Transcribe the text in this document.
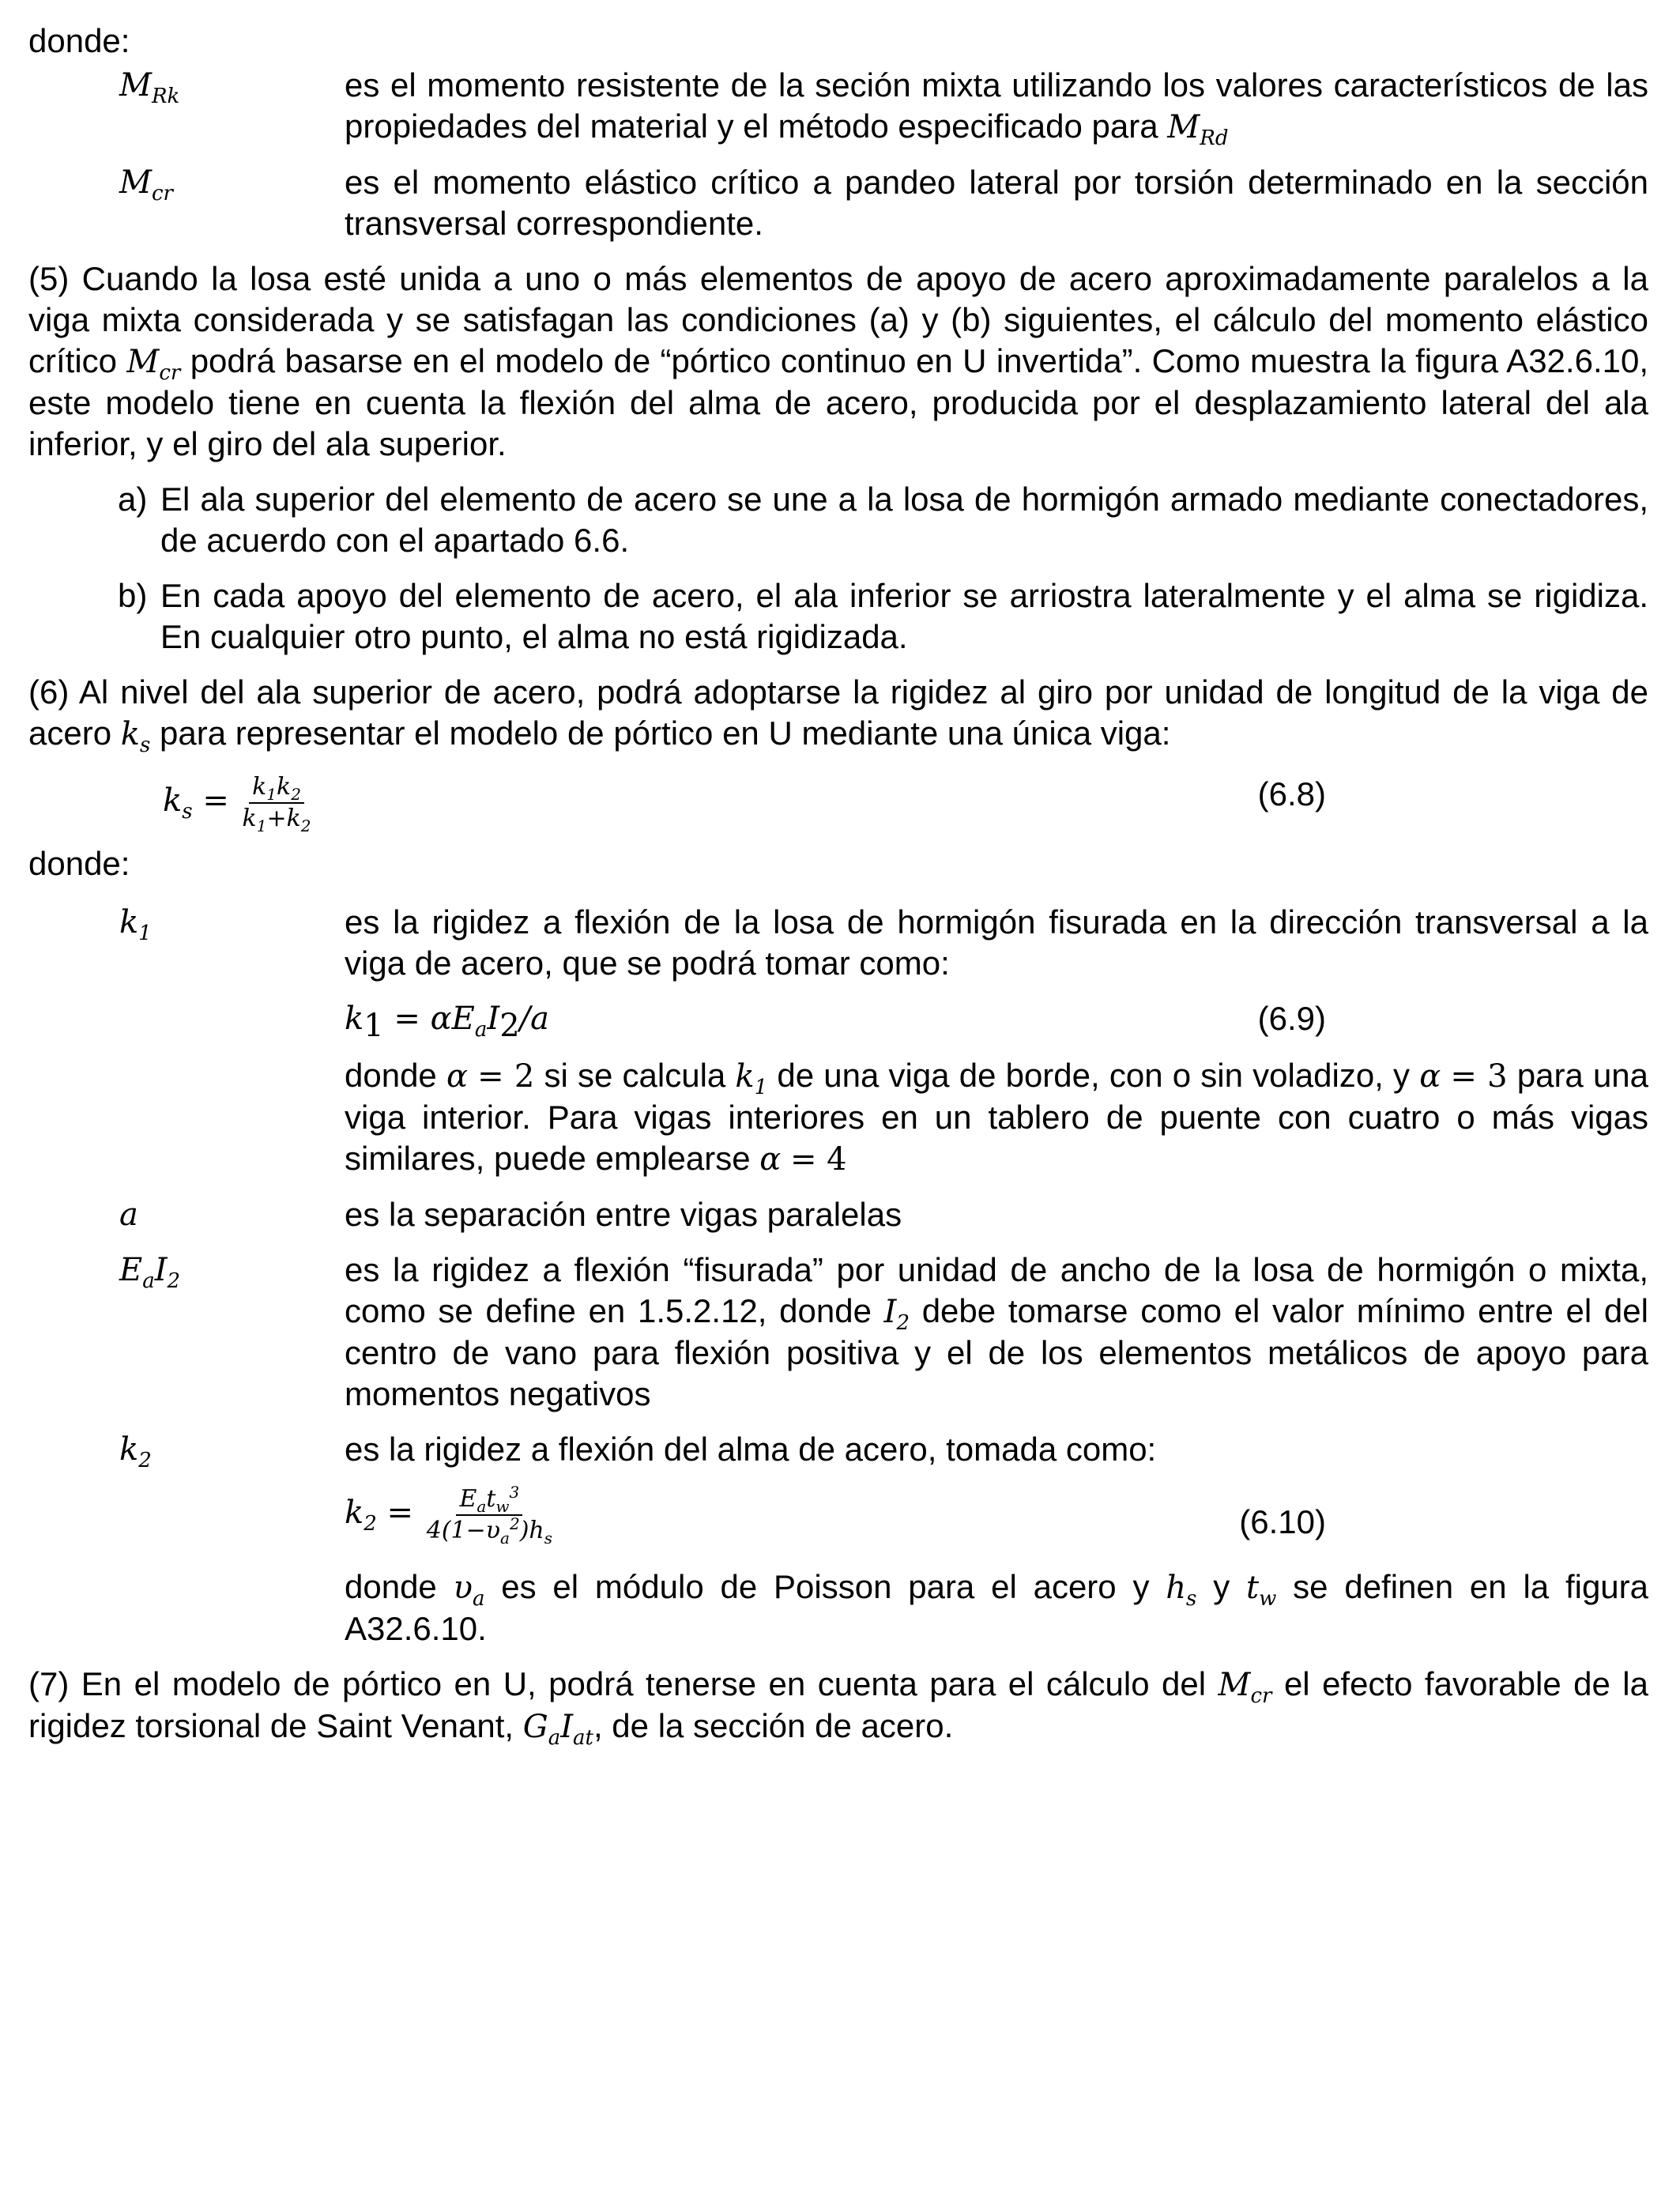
donde:
$M_{Rk}$	es el momento resistente de la seción mixta utilizando los valores característicos de las propiedades del material y el método especificado para $M_{Rd}$
$M_{cr}$	es el momento elástico crítico a pandeo lateral por torsión determinado en la sección transversal correspondiente.
(5) Cuando la losa esté unida a uno o más elementos de apoyo de acero aproximadamente paralelos a la viga mixta considerada y se satisfagan las condiciones (a) y (b) siguientes, el cálculo del momento elástico crítico $M_{cr}$ podrá basarse en el modelo de “pórtico continuo en U invertida”. Como muestra la figura A32.6.10, este modelo tiene en cuenta la flexión del alma de acero, producida por el desplazamiento lateral del ala inferior, y el giro del ala superior.
a) El ala superior del elemento de acero se une a la losa de hormigón armado mediante conectadores, de acuerdo con el apartado 6.6.
b) En cada apoyo del elemento de acero, el ala inferior se arriostra lateralmente y el alma se rigidiza. En cualquier otro punto, el alma no está rigidizada.
(6) Al nivel del ala superior de acero, podrá adoptarse la rigidez al giro por unidad de longitud de la viga de acero $k_s$ para representar el modelo de pórtico en U mediante una única viga:
$k_s = \frac{k_1k_2}{k_1+k_2}$	(6.8)
donde:
$k_1$	es la rigidez a flexión de la losa de hormigón fisurada en la dirección transversal a la viga de acero, que se podrá tomar como:
$k_1 = \alpha E_aI_2/a$	(6.9)
donde α = 2 si se calcula $k_1$ de una viga de borde, con o sin voladizo, y α = 3 para una viga interior. Para vigas interiores en un tablero de puente con cuatro o más vigas similares, puede emplearse α = 4
a	es la separación entre vigas paralelas
$E_aI_2$	es la rigidez a flexión “fisurada” por unidad de ancho de la losa de hormigón o mixta, como se define en 1.5.2.12, donde $I_2$ debe tomarse como el valor mínimo entre el del centro de vano para flexión positiva y el de los elementos metálicos de apoyo para momentos negativos
$k_2$	es la rigidez a flexión del alma de acero, tomada como:
$k_2 = \frac{E_at_w^3}{4(1-\upsilon_a^2)h_s}$	(6.10)
donde $\upsilon_a$ es el módulo de Poisson para el acero y $h_s$ y $t_w$ se definen en la figura A32.6.10.
(7) En el modelo de pórtico en U, podrá tenerse en cuenta para el cálculo del $M_{cr}$ el efecto favorable de la rigidez torsional de Saint Venant, $G_aI_{at}$, de la sección de acero.
